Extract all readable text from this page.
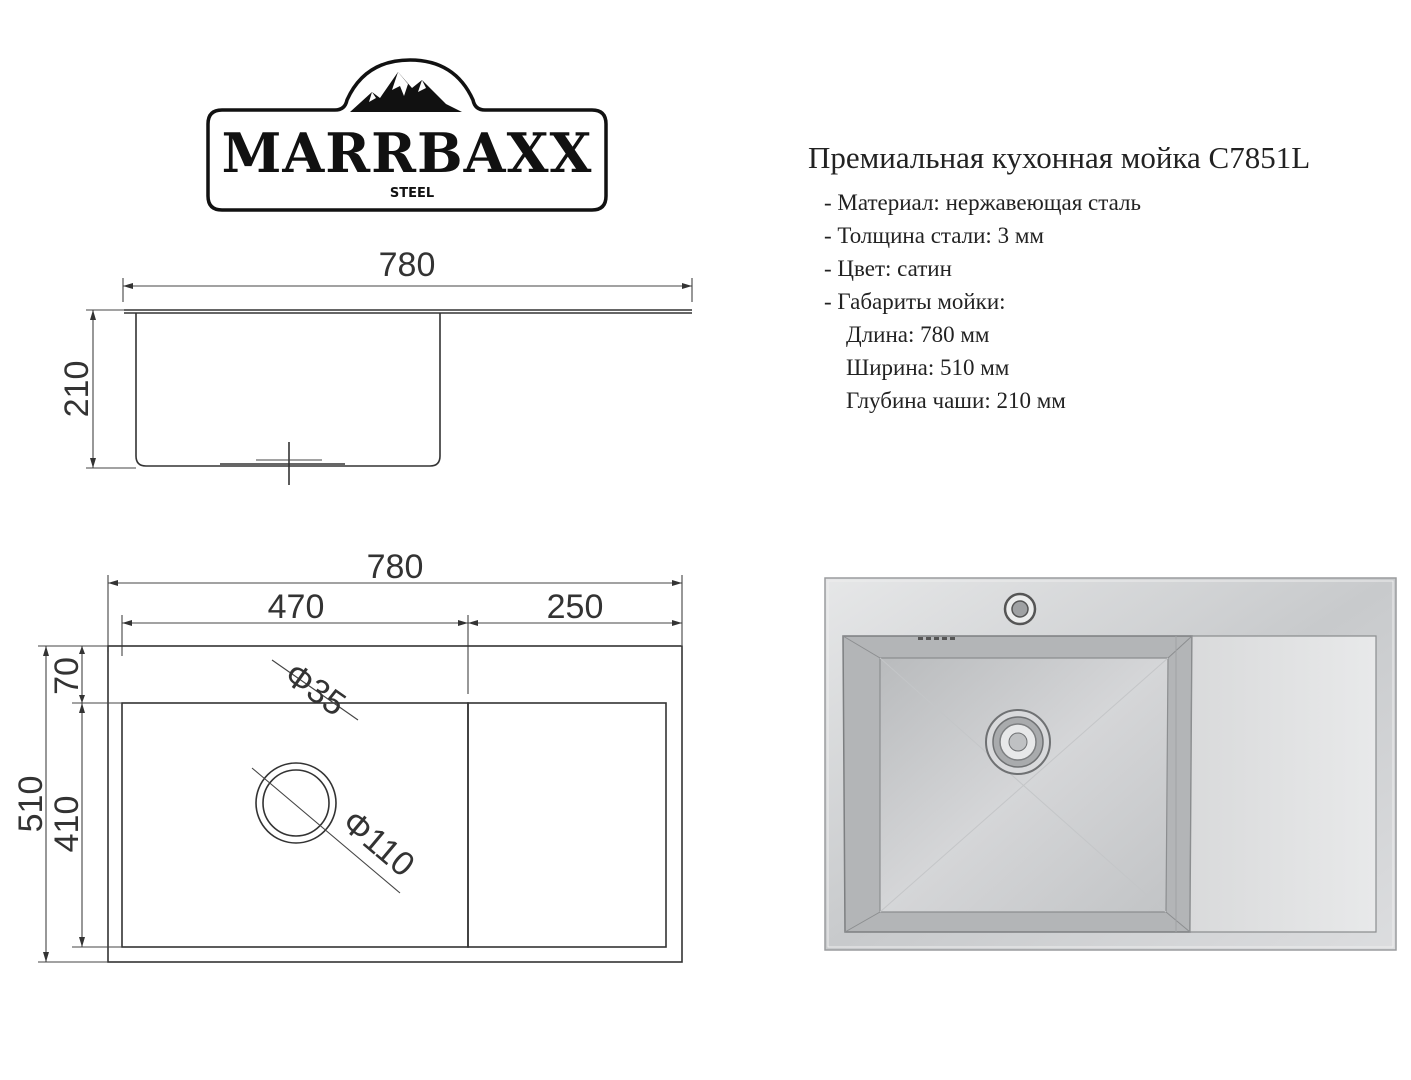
MARRBAXX
STEEL
780
210
780
470	250
Φ35
Φ110
510
70
410
Премиальная кухонная мойка C7851L
- Материал: нержавеющая сталь
- Толщина стали: 3 мм
- Цвет: сатин
- Габариты мойки:
Длина: 780 мм
Ширина: 510 мм
Глубина чаши: 210 мм
